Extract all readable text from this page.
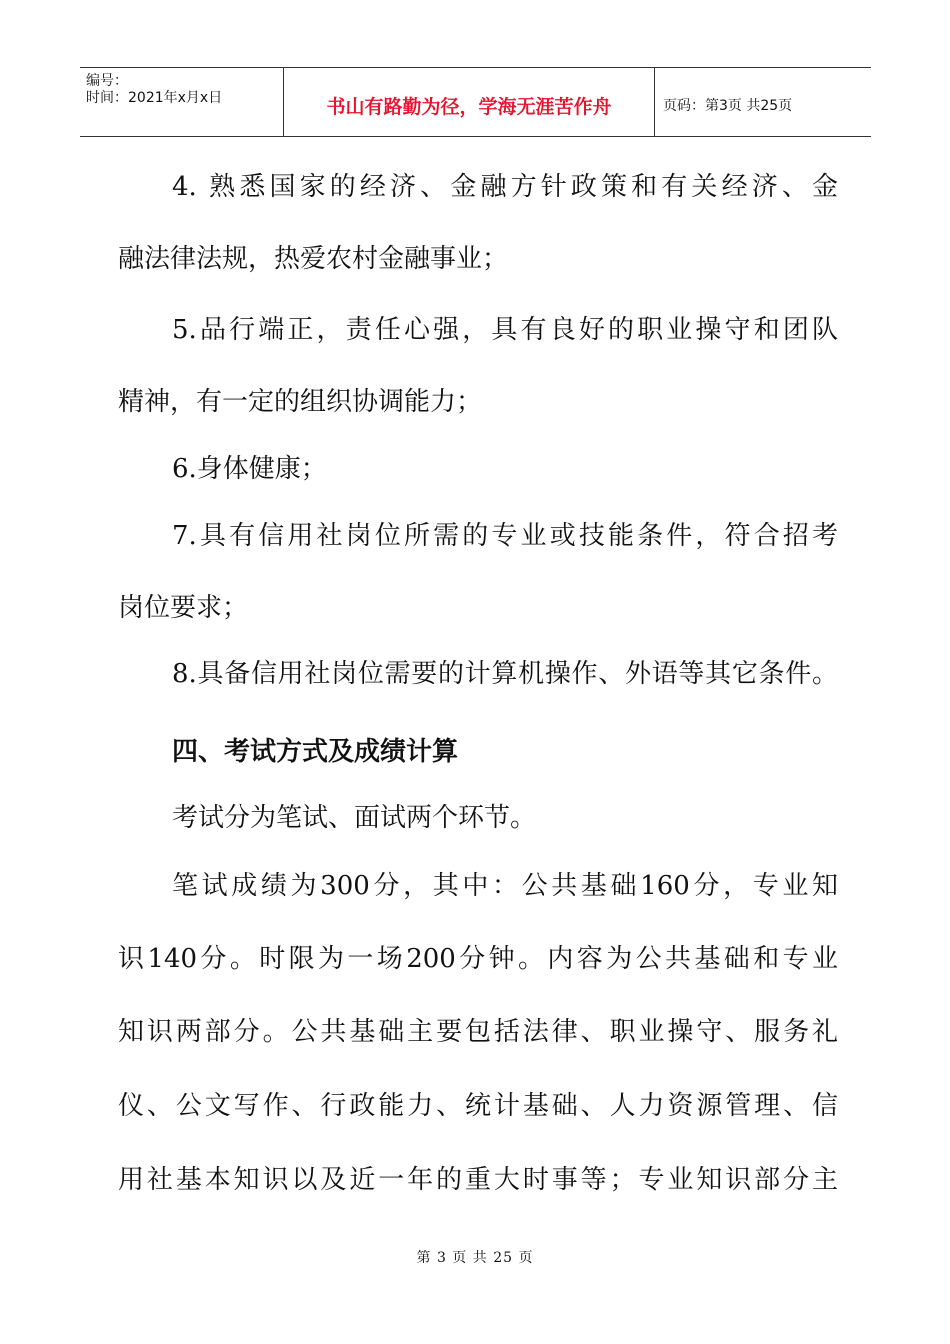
编号：
时间：2021年x月x日	书山有路勤为径，学海无涯苦作舟	页码：第3页 共25页
4. 熟悉国家的经济、金融方针政策和有关经济、金
融法律法规，热爱农村金融事业；
5.品行端正，责任心强，具有良好的职业操守和团队
精神，有一定的组织协调能力；
6.身体健康；
7.具有信用社岗位所需的专业或技能条件，符合招考
岗位要求；
8.具备信用社岗位需要的计算机操作、外语等其它条件。
四、考试方式及成绩计算
考试分为笔试、面试两个环节。
笔试成绩为300分，其中：公共基础160分，专业知
识140分。时限为一场200分钟。内容为公共基础和专业
知识两部分。公共基础主要包括法律、职业操守、服务礼
仪、公文写作、行政能力、统计基础、人力资源管理、信
用社基本知识以及近一年的重大时事等；专业知识部分主
第 3 页 共 25 页
